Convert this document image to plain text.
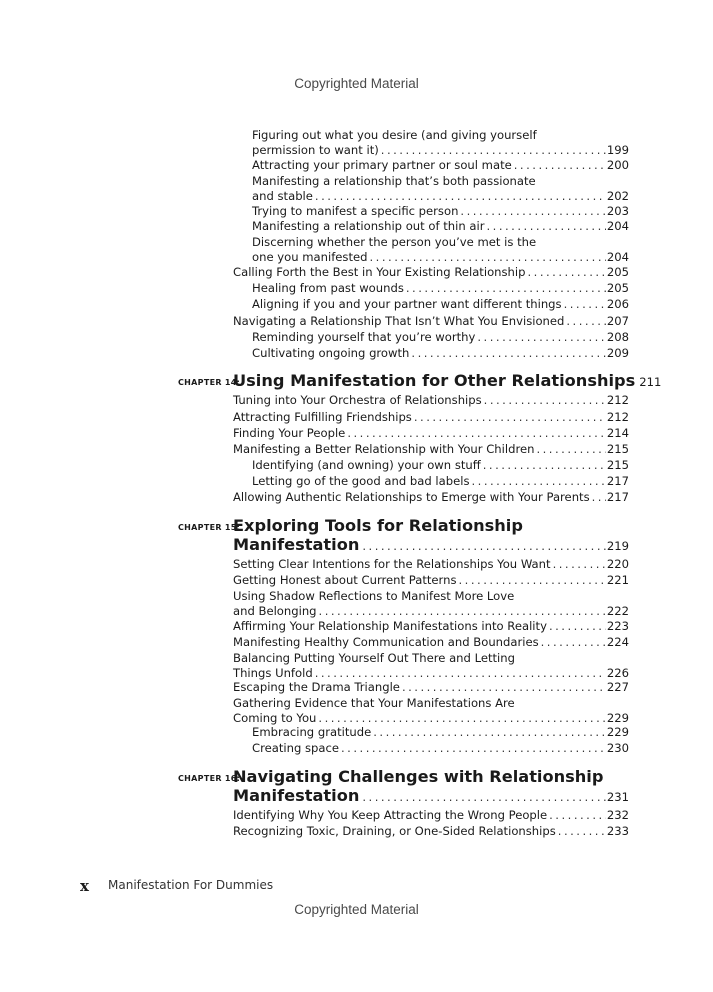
Copyrighted Material
Figuring out what you desire (and giving yourself
permission to want it) . . .	199
Attracting your primary partner or soul mate . . .	200
Manifesting a relationship that’s both passionate
and stable . . .	202
Trying to manifest a specific person . . .	203
Manifesting a relationship out of thin air . . .	204
Discerning whether the person you’ve met is the
one you manifested . . .	204
Calling Forth the Best in Your Existing Relationship . . .	205
Healing from past wounds . . .	205
Aligning if you and your partner want different things . . .	206
Navigating a Relationship That Isn’t What You Envisioned . . .	207
Reminding yourself that you’re worthy . . .	208
Cultivating ongoing growth . . .	209
CHAPTER 14:
Using Manifestation for Other Relationships 211
Tuning into Your Orchestra of Relationships . . .	212
Attracting Fulfilling Friendships . . .	212
Finding Your People . . .	214
Manifesting a Better Relationship with Your Children . . .	215
Identifying (and owning) your own stuff . . .	215
Letting go of the good and bad labels . . .	217
Allowing Authentic Relationships to Emerge with Your Parents . . . 217
CHAPTER 15:
Exploring Tools for Relationship
Manifestation . . .	219
Setting Clear Intentions for the Relationships You Want . . .	220
Getting Honest about Current Patterns . . .	221
Using Shadow Reflections to Manifest More Love
and Belonging . . .	222
Affirming Your Relationship Manifestations into Reality . . .	223
Manifesting Healthy Communication and Boundaries . . .	224
Balancing Putting Yourself Out There and Letting
Things Unfold . . .	226
Escaping the Drama Triangle . . .	227
Gathering Evidence that Your Manifestations Are
Coming to You . . .	229
Embracing gratitude . . .	229
Creating space . . .	230
CHAPTER 16:
Navigating Challenges with Relationship
Manifestation . . .	231
Identifying Why You Keep Attracting the Wrong People . . .	232
Recognizing Toxic, Draining, or One-Sided Relationships . . .	233
x Manifestation For Dummies
Copyrighted Material
